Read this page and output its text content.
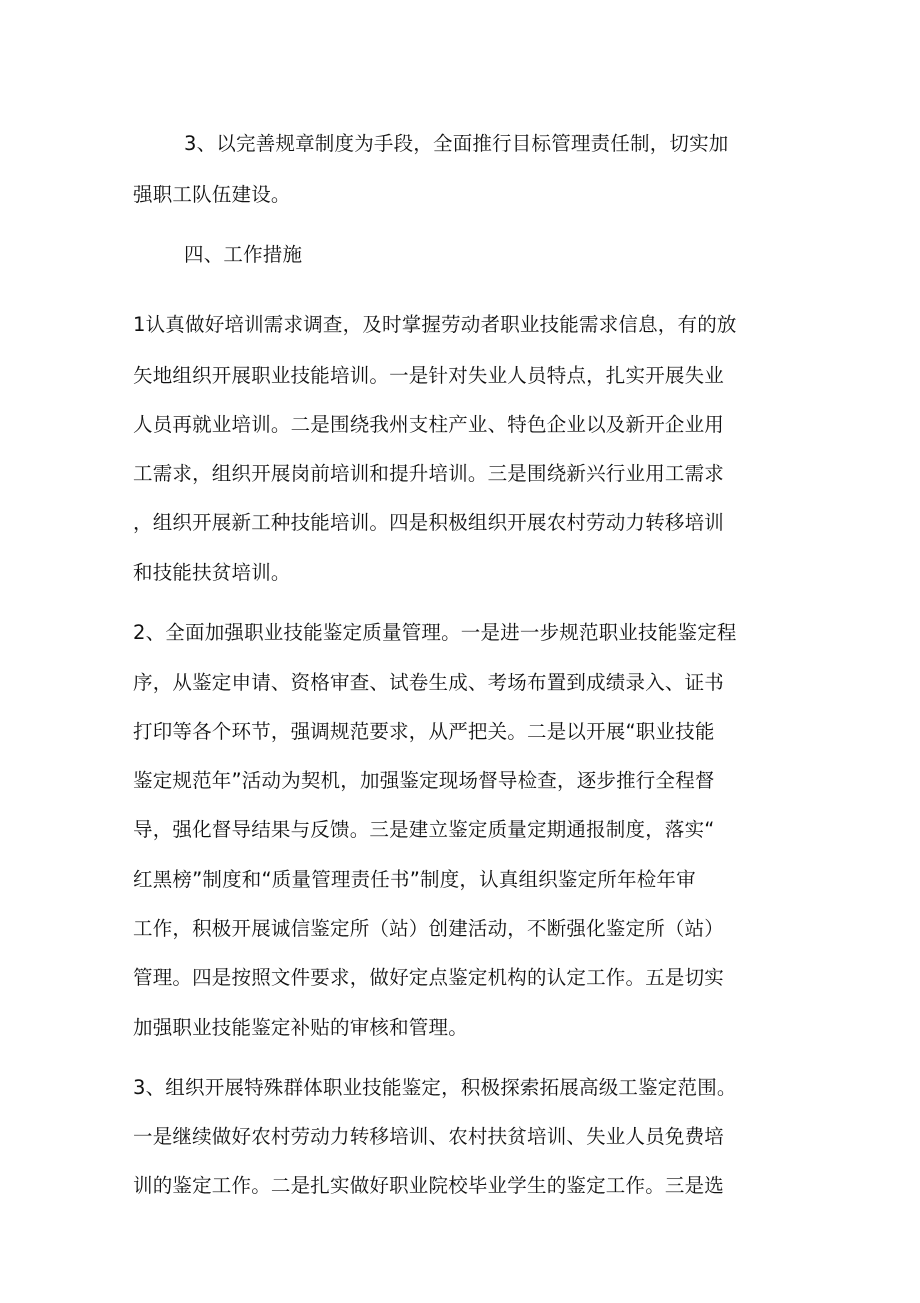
3、以完善规章制度为手段，全面推行目标管理责任制，切实加
强职工队伍建设。
四、工作措施
1认真做好培训需求调查，及时掌握劳动者职业技能需求信息，有的放
矢地组织开展职业技能培训。一是针对失业人员特点，扎实开展失业
人员再就业培训。二是围绕我州支柱产业、特色企业以及新开企业用
工需求，组织开展岗前培训和提升培训。三是围绕新兴行业用工需求
，组织开展新工种技能培训。四是积极组织开展农村劳动力转移培训
和技能扶贫培训。
2、全面加强职业技能鉴定质量管理。一是进一步规范职业技能鉴定程
序，从鉴定申请、资格审查、试卷生成、考场布置到成绩录入、证书
打印等各个环节，强调规范要求，从严把关。二是以开展“职业技能
鉴定规范年”活动为契机，加强鉴定现场督导检查，逐步推行全程督
导，强化督导结果与反馈。三是建立鉴定质量定期通报制度，落实“
红黑榜”制度和“质量管理责任书”制度，认真组织鉴定所年检年审
工作，积极开展诚信鉴定所（站）创建活动，不断强化鉴定所（站）
管理。四是按照文件要求，做好定点鉴定机构的认定工作。五是切实
加强职业技能鉴定补贴的审核和管理。
3、组织开展特殊群体职业技能鉴定，积极探索拓展高级工鉴定范围。
一是继续做好农村劳动力转移培训、农村扶贫培训、失业人员免费培
训的鉴定工作。二是扎实做好职业院校毕业学生的鉴定工作。三是选
